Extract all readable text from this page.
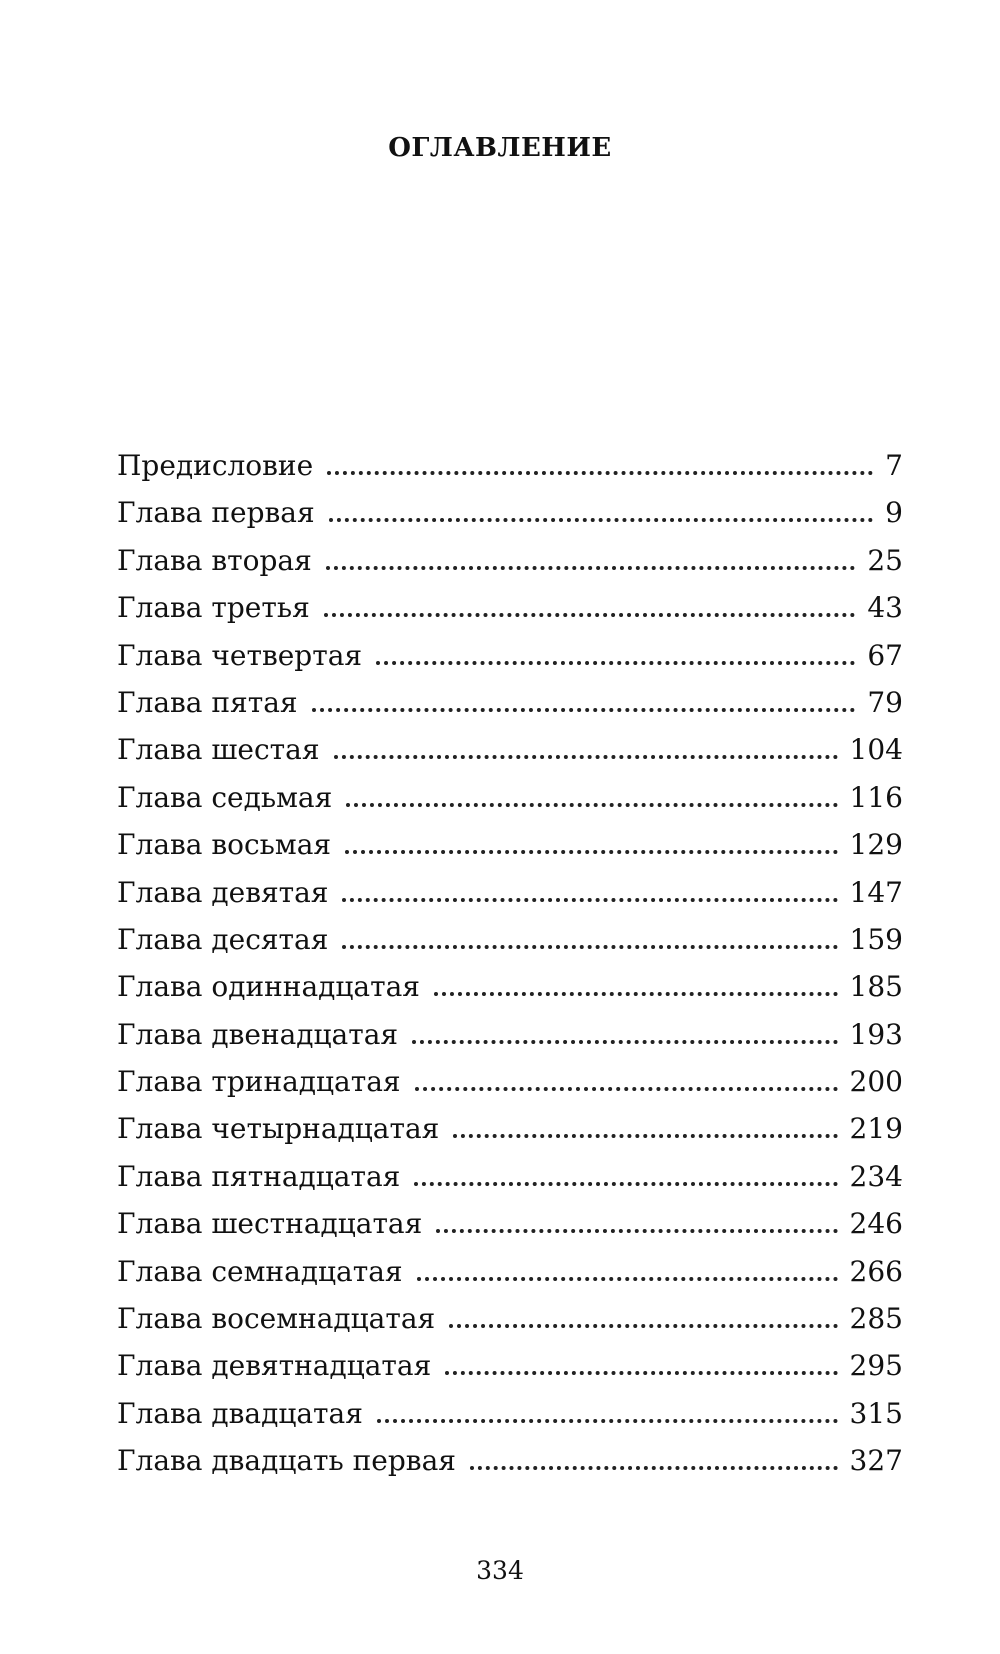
ОГЛАВЛЕНИЕ
Предисловие	7
Глава первая	9
Глава вторая	25
Глава третья	43
Глава четвертая	67
Глава пятая	79
Глава шестая	104
Глава седьмая	116
Глава восьмая	129
Глава девятая	147
Глава десятая	159
Глава одиннадцатая	185
Глава двенадцатая	193
Глава тринадцатая	200
Глава четырнадцатая	219
Глава пятнадцатая	234
Глава шестнадцатая	246
Глава семнадцатая	266
Глава восемнадцатая	285
Глава девятнадцатая	295
Глава двадцатая	315
Глава двадцать первая	327
334
